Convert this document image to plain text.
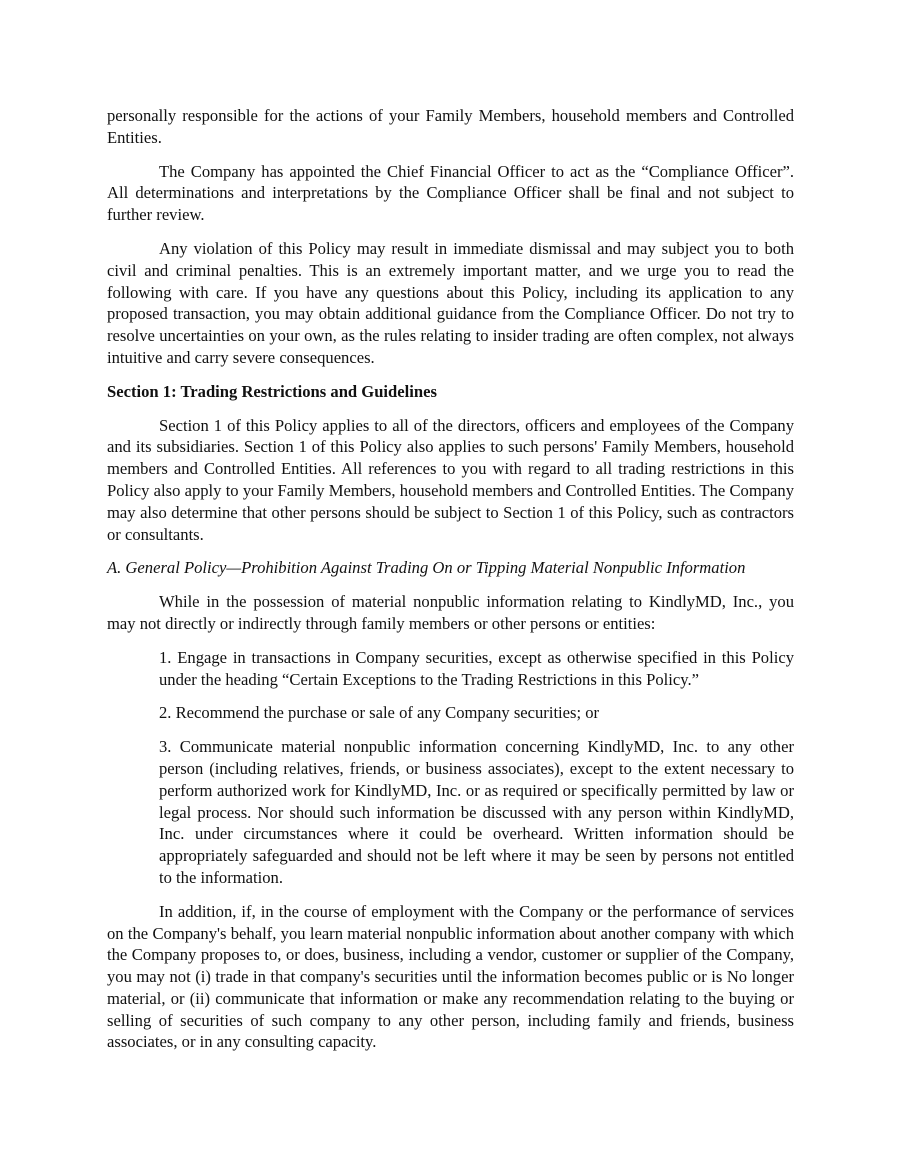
personally responsible for the actions of your Family Members, household members and Controlled Entities.

The Company has appointed the Chief Financial Officer to act as the “Compliance Officer”. All determinations and interpretations by the Compliance Officer shall be final and not subject to further review.

Any violation of this Policy may result in immediate dismissal and may subject you to both civil and criminal penalties. This is an extremely important matter, and we urge you to read the following with care. If you have any questions about this Policy, including its application to any proposed transaction, you may obtain additional guidance from the Compliance Officer. Do not try to resolve uncertainties on your own, as the rules relating to insider trading are often complex, not always intuitive and carry severe consequences.

Section 1: Trading Restrictions and Guidelines

Section 1 of this Policy applies to all of the directors, officers and employees of the Company and its subsidiaries. Section 1 of this Policy also applies to such persons' Family Members, household members and Controlled Entities. All references to you with regard to all trading restrictions in this Policy also apply to your Family Members, household members and Controlled Entities. The Company may also determine that other persons should be subject to Section 1 of this Policy, such as contractors or consultants.

A. General Policy—Prohibition Against Trading On or Tipping Material Nonpublic Information

While in the possession of material nonpublic information relating to KindlyMD, Inc., you may not directly or indirectly through family members or other persons or entities:

1. Engage in transactions in Company securities, except as otherwise specified in this Policy under the heading “Certain Exceptions to the Trading Restrictions in this Policy.”

2. Recommend the purchase or sale of any Company securities; or

3. Communicate material nonpublic information concerning KindlyMD, Inc. to any other person (including relatives, friends, or business associates), except to the extent necessary to perform authorized work for KindlyMD, Inc. or as required or specifically permitted by law or legal process. Nor should such information be discussed with any person within KindlyMD, Inc. under circumstances where it could be overheard. Written information should be appropriately safeguarded and should not be left where it may be seen by persons not entitled to the information.

In addition, if, in the course of employment with the Company or the performance of services on the Company's behalf, you learn material nonpublic information about another company with which the Company proposes to, or does, business, including a vendor, customer or supplier of the Company, you may not (i) trade in that company's securities until the information becomes public or is No longer material, or (ii) communicate that information or make any recommendation relating to the buying or selling of securities of such company to any other person, including family and friends, business associates, or in any consulting capacity.
